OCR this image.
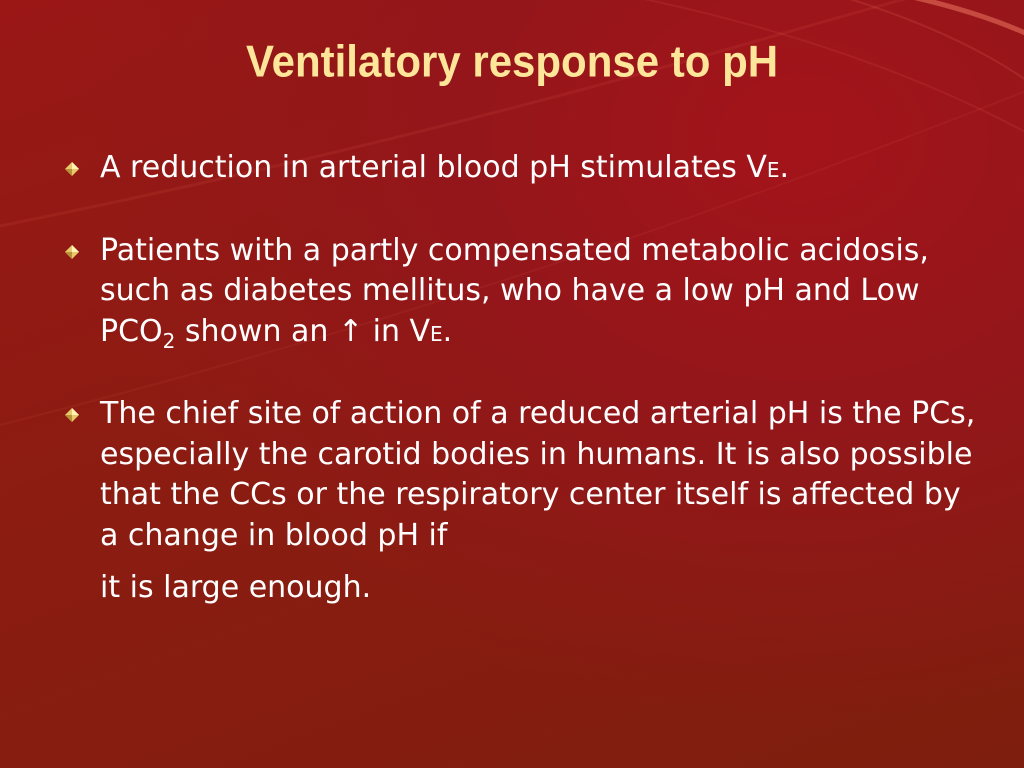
Ventilatory response to pH
A reduction in arterial blood pH stimulates VE.
Patients with a partly compensated metabolic acidosis, such as diabetes mellitus, who have a low pH and Low $PCO_2$ shown an ↑ in VE.
The chief site of action of a reduced arterial pH is the PCs, especially the carotid bodies in humans. It is also possible that the CCs or the respiratory center itself is affected by a change in blood pH if
it is large enough.
